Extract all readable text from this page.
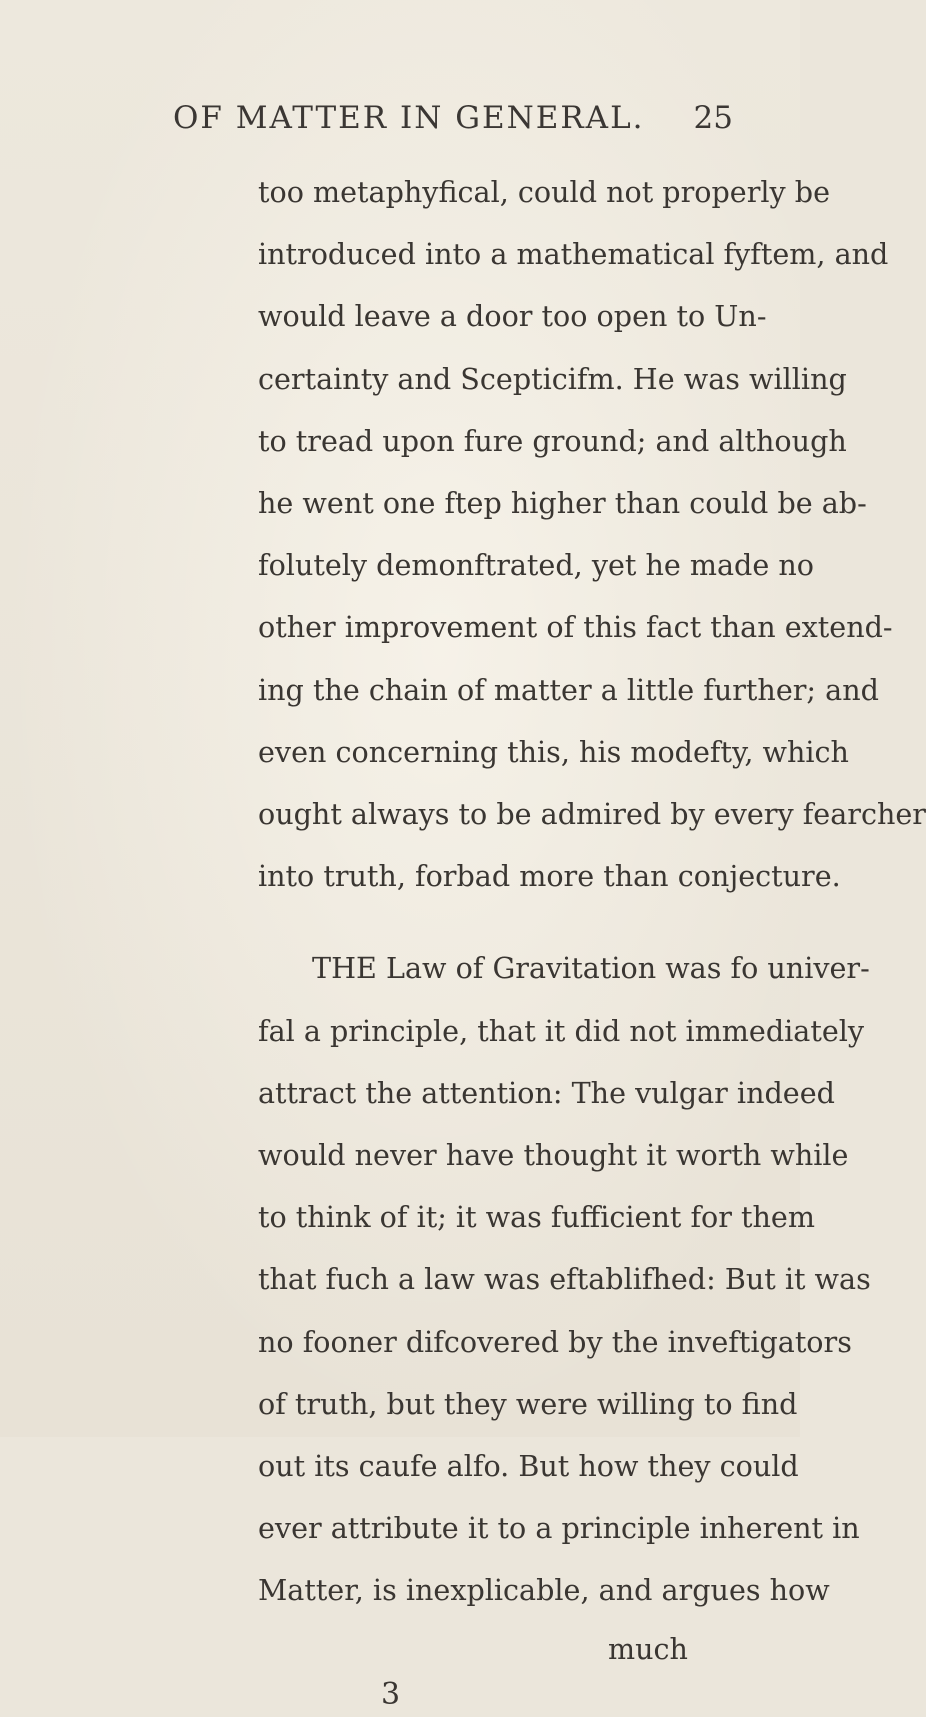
OF MATTER IN GENERAL. 25
too metaphyfical, could not properly be
introduced into a mathematical fyftem, and
would leave a door too open to Un-
certainty and Scepticifm. He was willing
to tread upon fure ground; and although
he went one ftep higher than could be ab-
folutely demonftrated, yet he made no
other improvement of this fact than extend-
ing the chain of matter a little further; and
even concerning this, his modefty, which
ought always to be admired by every fearcher
into truth, forbad more than conjecture.
THE Law of Gravitation was fo univer-
fal a principle, that it did not immediately
attract the attention: The vulgar indeed
would never have thought it worth while
to think of it; it was fufficient for them
that fuch a law was eftablifhed: But it was
no fooner difcovered by the inveftigators
of truth, but they were willing to find
out its caufe alfo. But how they could
ever attribute it to a principle inherent in
Matter, is inexplicable, and argues how
much
3
